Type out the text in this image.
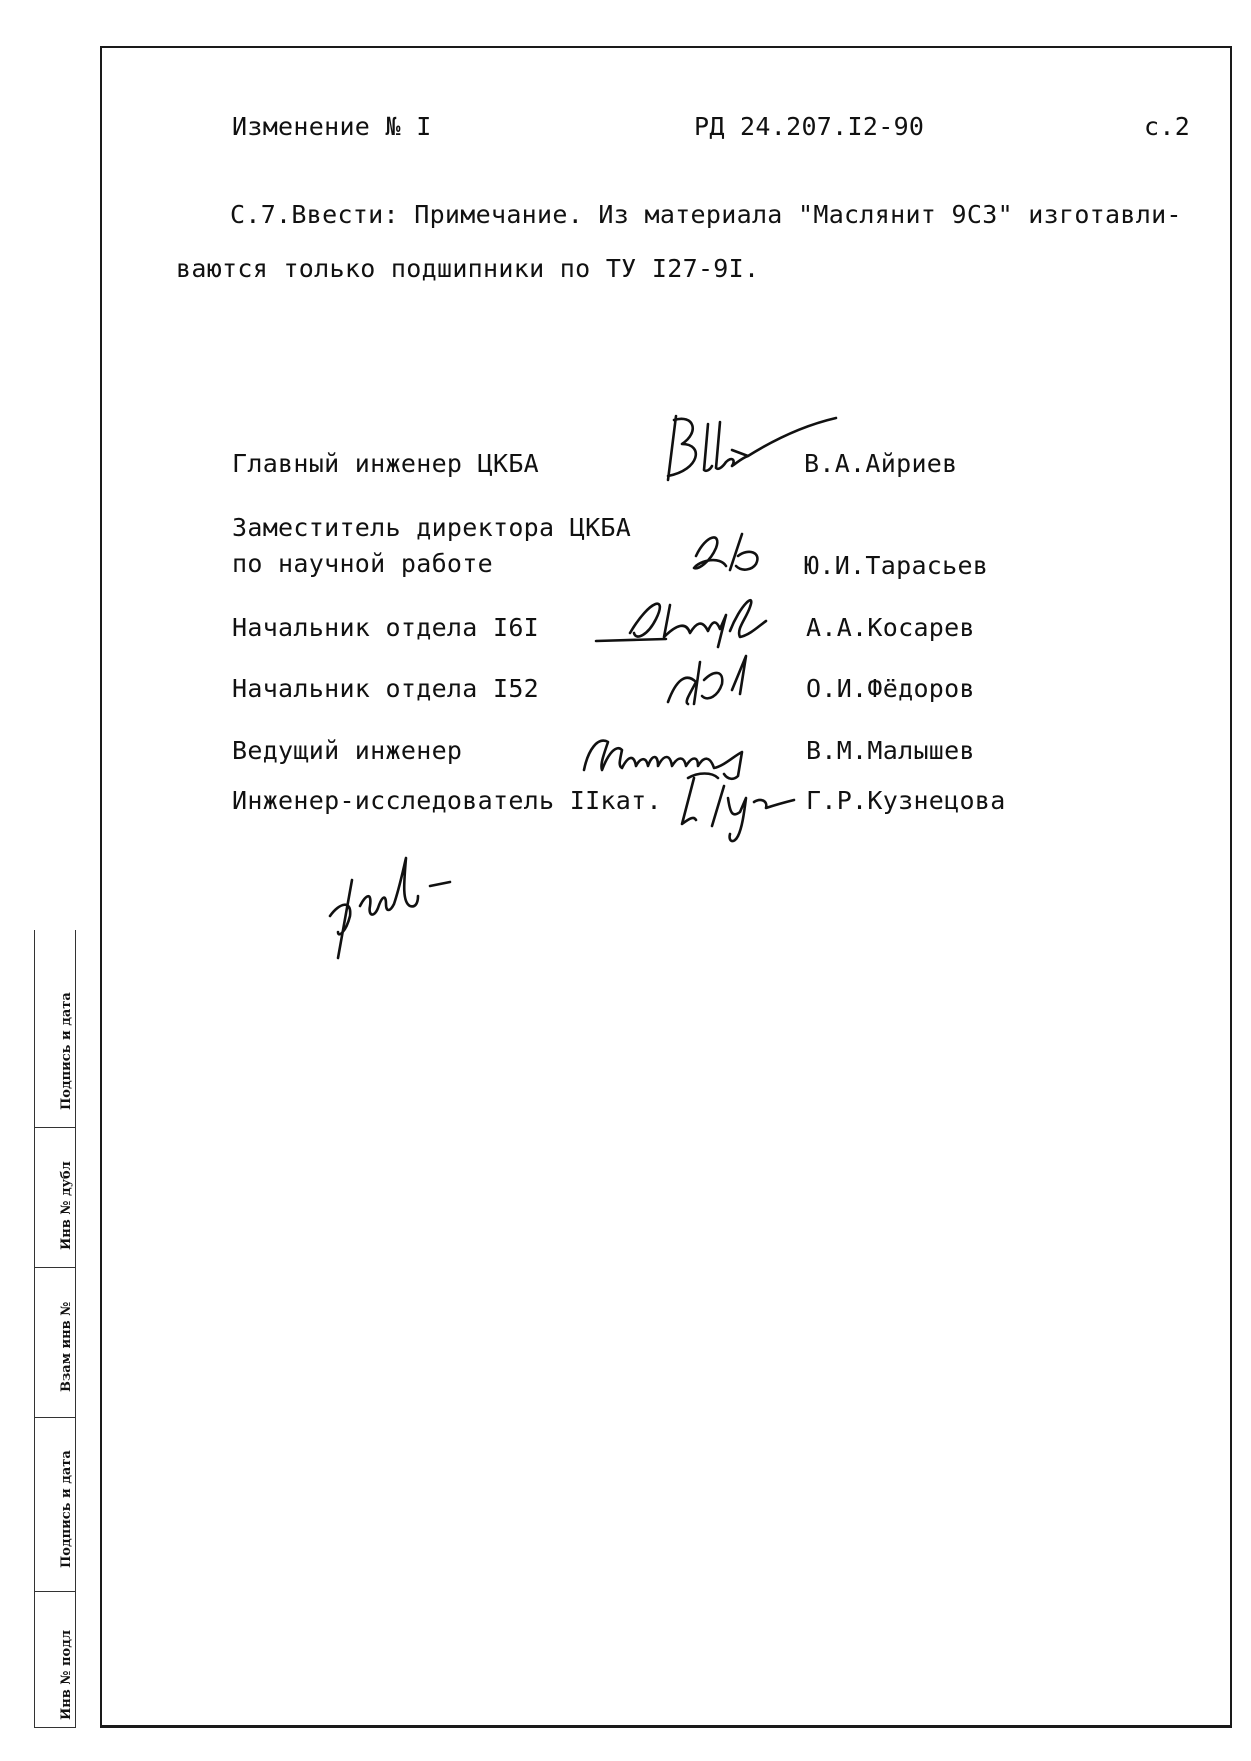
Изменение № I	РД 24.207.I2-90	с.2
С.7.Ввести: Примечание. Из материала "Маслянит 9С3" изготавли-
ваются только подшипники по ТУ I27-9I.
Главный инженер ЦКБА	В.А.Айриев
Заместитель директора ЦКБА
по научной работе	Ю.И.Тарасьев
Начальник отдела I6I	А.А.Косарев
Начальник отдела I52	О.И.Фёдоров
Ведущий инженер	В.М.Малышев
Инженер-исследователь IIкат.	Г.Р.Кузнецова
Подпись и дата
Инв № дубл
Взам инв №
Подпись и дата
Инв № подл
